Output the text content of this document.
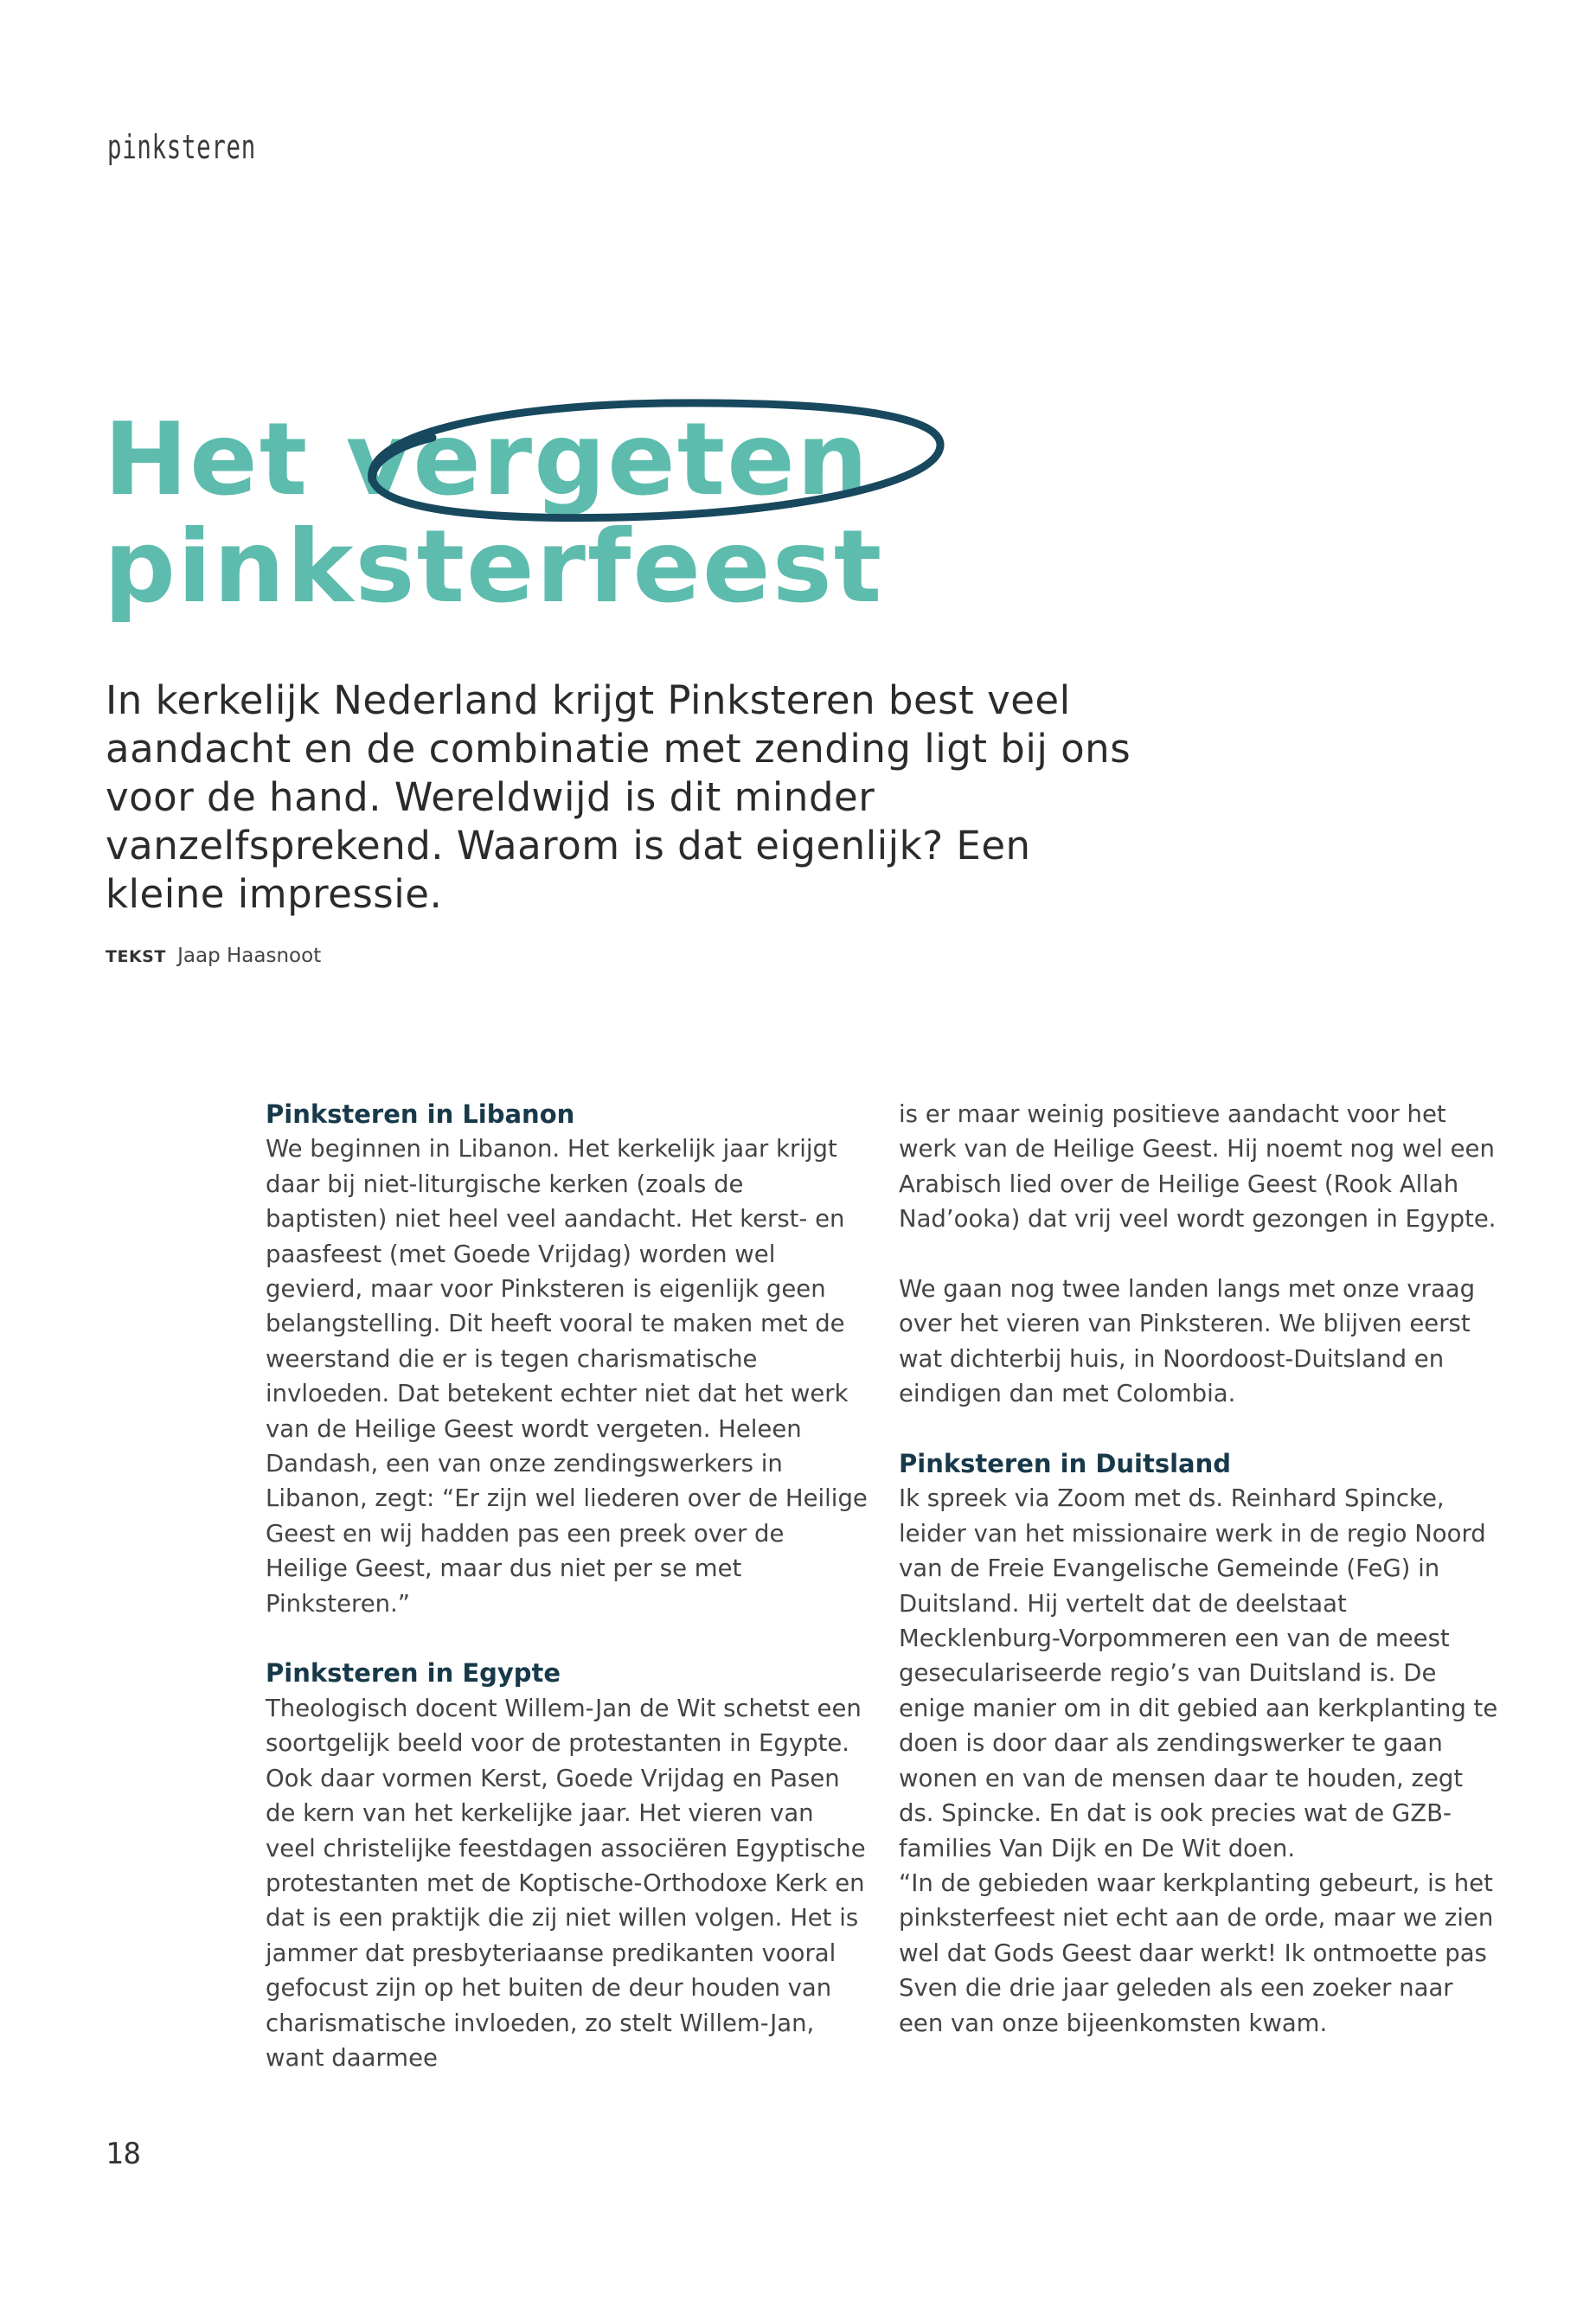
pinksteren
Het vergeten
pinksterfeest

In kerkelijk Nederland krijgt Pinksteren best veel aandacht en de combinatie met zending ligt bij ons voor de hand. Wereldwijd is dit minder vanzelfsprekend. Waarom is dat eigenlijk? Een kleine impressie.

TEKST Jaap Haasnoot
Pinksteren in Libanon

We beginnen in Libanon. Het kerkelijk jaar krijgt daar bij niet-liturgische kerken (zoals de baptisten) niet heel veel aandacht. Het kerst- en paasfeest (met Goede Vrijdag) worden wel gevierd, maar voor Pinksteren is eigenlijk geen belangstelling. Dit heeft vooral te maken met de weerstand die er is tegen charismatische invloeden. Dat betekent echter niet dat het werk van de Heilige Geest wordt vergeten. Heleen Dandash, een van onze zendingswerkers in Libanon, zegt: “Er zijn wel liederen over de Heilige Geest en wij hadden pas een preek over de Heilige Geest, maar dus niet per se met Pinksteren.”

Pinksteren in Egypte

Theologisch docent Willem-Jan de Wit schetst een soortgelijk beeld voor de protestanten in Egypte. Ook daar vormen Kerst, Goede Vrijdag en Pasen de kern van het kerkelijke jaar. Het vieren van veel christelijke feestdagen associëren Egyptische protestanten met de Koptische-Orthodoxe Kerk en dat is een praktijk die zij niet willen volgen. Het is jammer dat presbyteriaanse predikanten vooral gefocust zijn op het buiten de deur houden van charismatische invloeden, zo stelt Willem-Jan, want daarmee

is er maar weinig positieve aandacht voor het werk van de Heilige Geest. Hij noemt nog wel een Arabisch lied over de Heilige Geest (Rook Allah Nad’ooka) dat vrij veel wordt gezongen in Egypte.

We gaan nog twee landen langs met onze vraag over het vieren van Pinksteren. We blijven eerst wat dichterbij huis, in Noordoost-Duitsland en eindigen dan met Colombia.

Pinksteren in Duitsland

Ik spreek via Zoom met ds. Reinhard Spincke, leider van het missionaire werk in de regio Noord van de Freie Evangelische Gemeinde (FeG) in Duitsland. Hij vertelt dat de deelstaat Mecklenburg-Vorpommeren een van de meest geseculariseerde regio’s van Duitsland is. De enige manier om in dit gebied aan kerkplanting te doen is door daar als zendingswerker te gaan wonen en van de mensen daar te houden, zegt ds. Spincke. En dat is ook precies wat de GZB-families Van Dijk en De Wit doen.

“In de gebieden waar kerkplanting gebeurt, is het pinksterfeest niet echt aan de orde, maar we zien wel dat Gods Geest daar werkt! Ik ontmoette pas Sven die drie jaar geleden als een zoeker naar een van onze bijeenkomsten kwam.

18
